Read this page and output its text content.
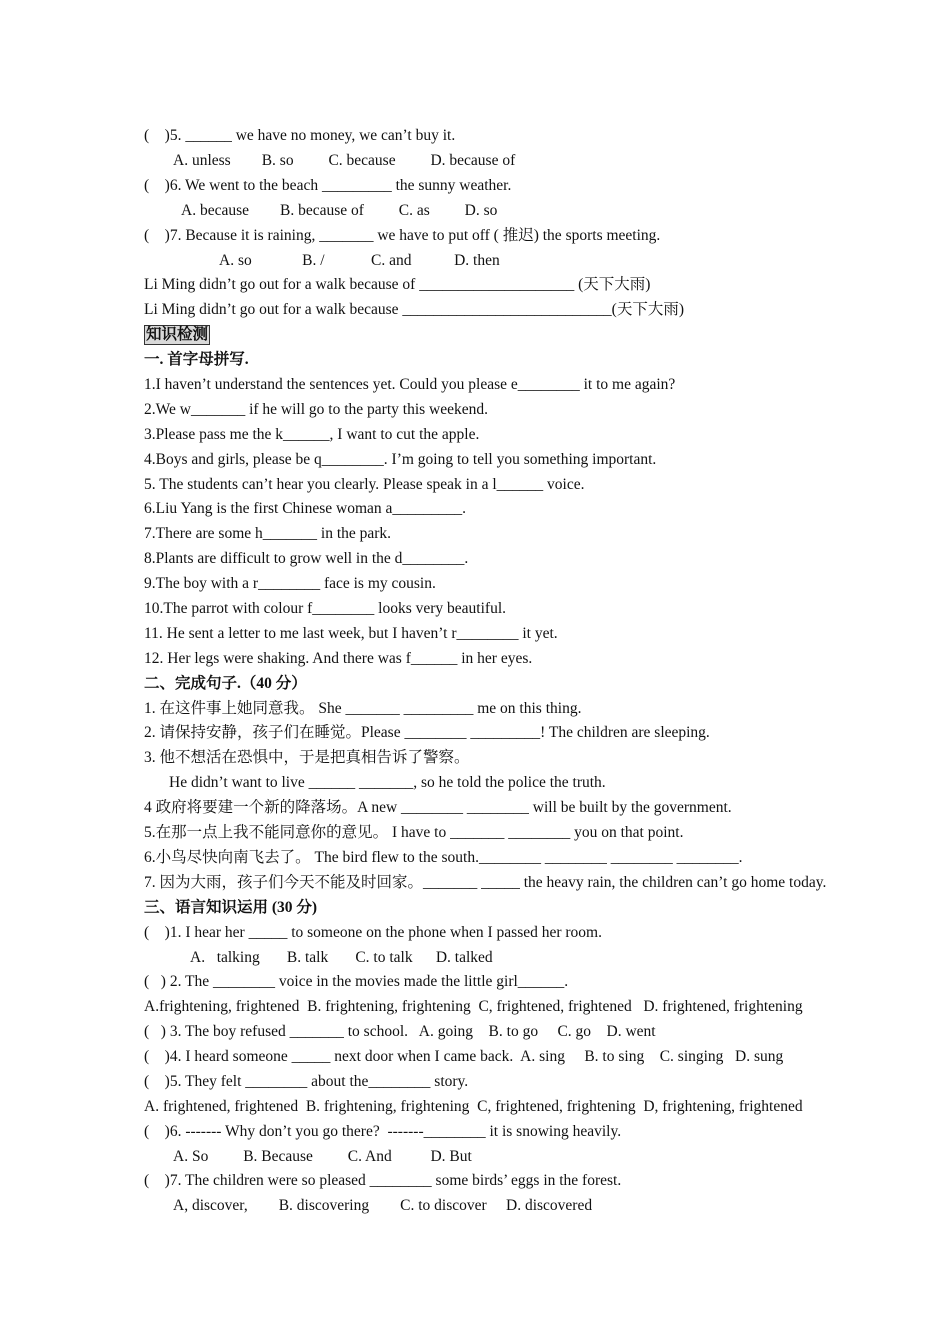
(    )5. ______ we have no money, we can’t buy it.
A. unless        B. so         C. because         D. because of
(    )6. We went to the beach _________ the sunny weather.
A. because        B. because of         C. as         D. so
(    )7. Because it is raining, _______ we have to put off ( 推迟) the sports meeting.
A. so             B. /            C. and           D. then
Li Ming didn’t go out for a walk because of ____________________ (天下大雨)
Li Ming didn’t go out for a walk because ___________________________(天下大雨)
知识检测
一. 首字母拼写.
1.I haven’t understand the sentences yet. Could you please e________ it to me again?
2.We w_______ if he will go to the party this weekend.
3.Please pass me the k______, I want to cut the apple.
4.Boys and girls, please be q________. I’m going to tell you something important.
5. The students can’t hear you clearly. Please speak in a l______ voice.
6.Liu Yang is the first Chinese woman a_________.
7.There are some h_______ in the park.
8.Plants are difficult to grow well in the d________.
9.The boy with a r________ face is my cousin.
10.The parrot with colour f________ looks very beautiful.
11. He sent a letter to me last week, but I haven’t r________ it yet.
12. Her legs were shaking. And there was f______ in her eyes.
二、完成句子.（40 分）
1. 在这件事上她同意我。 She _______ _________ me on this thing.
2. 请保持安静，孩子们在睡觉。Please ________ _________! The children are sleeping.
3. 他不想活在恐惧中，于是把真相告诉了警察。
He didn’t want to live ______ _______, so he told the police the truth.
4 政府将要建一个新的降落场。A new ________ ________ will be built by the government.
5.在那一点上我不能同意你的意见。 I have to _______ ________ you on that point.
6.小鸟尽快向南飞去了。 The bird flew to the south.________ ________ ________ ________.
7. 因为大雨，孩子们今天不能及时回家。_______ _____ the heavy rain, the children can’t go home today.
三、语言知识运用 (30 分)
(    )1. I hear her _____ to someone on the phone when I passed her room.
A.   talking       B. talk       C. to talk      D. talked
(   ) 2. The ________ voice in the movies made the little girl______.
A.frightening, frightened  B. frightening, frightening  C, frightened, frightened   D. frightened, frightening
(   ) 3. The boy refused _______ to school.   A. going    B. to go     C. go    D. went
(    )4. I heard someone _____ next door when I came back.  A. sing     B. to sing    C. singing   D. sung
(    )5. They felt ________ about the________ story.
A. frightened, frightened  B. frightening, frightening  C, frightened, frightening  D, frightening, frightened
(    )6. ------- Why don’t you go there?  -------________ it is snowing heavily.
A. So         B. Because         C. And          D. But
(    )7. The children were so pleased ________ some birds’ eggs in the forest.
A, discover,        B. discovering        C. to discover     D. discovered
